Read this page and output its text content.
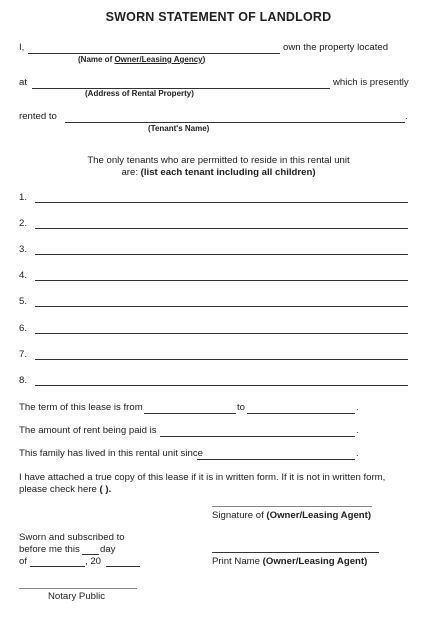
SWORN STATEMENT OF LANDLORD
I,	own the property located
(Name of Owner/Leasing Agency)
at	which is presently
(Address of Rental Property)
rented to	.
(Tenant's Name)
The only tenants who are permitted to reside in this rental unit
are: (list each tenant including all children)
1.
2.
3.
4.
5.
6.
7.
8.
The term of this lease is from	to	.
The amount of rent being paid is	.
This family has lived in this rental unit since	.
I have attached a true copy of this lease if it is in written form. If it is not in written form,
please check here ( ).
Signature of (Owner/Leasing Agent)
Sworn and subscribed to
before me this day
of	, 20	Print Name (Owner/Leasing Agent)
Notary Public
